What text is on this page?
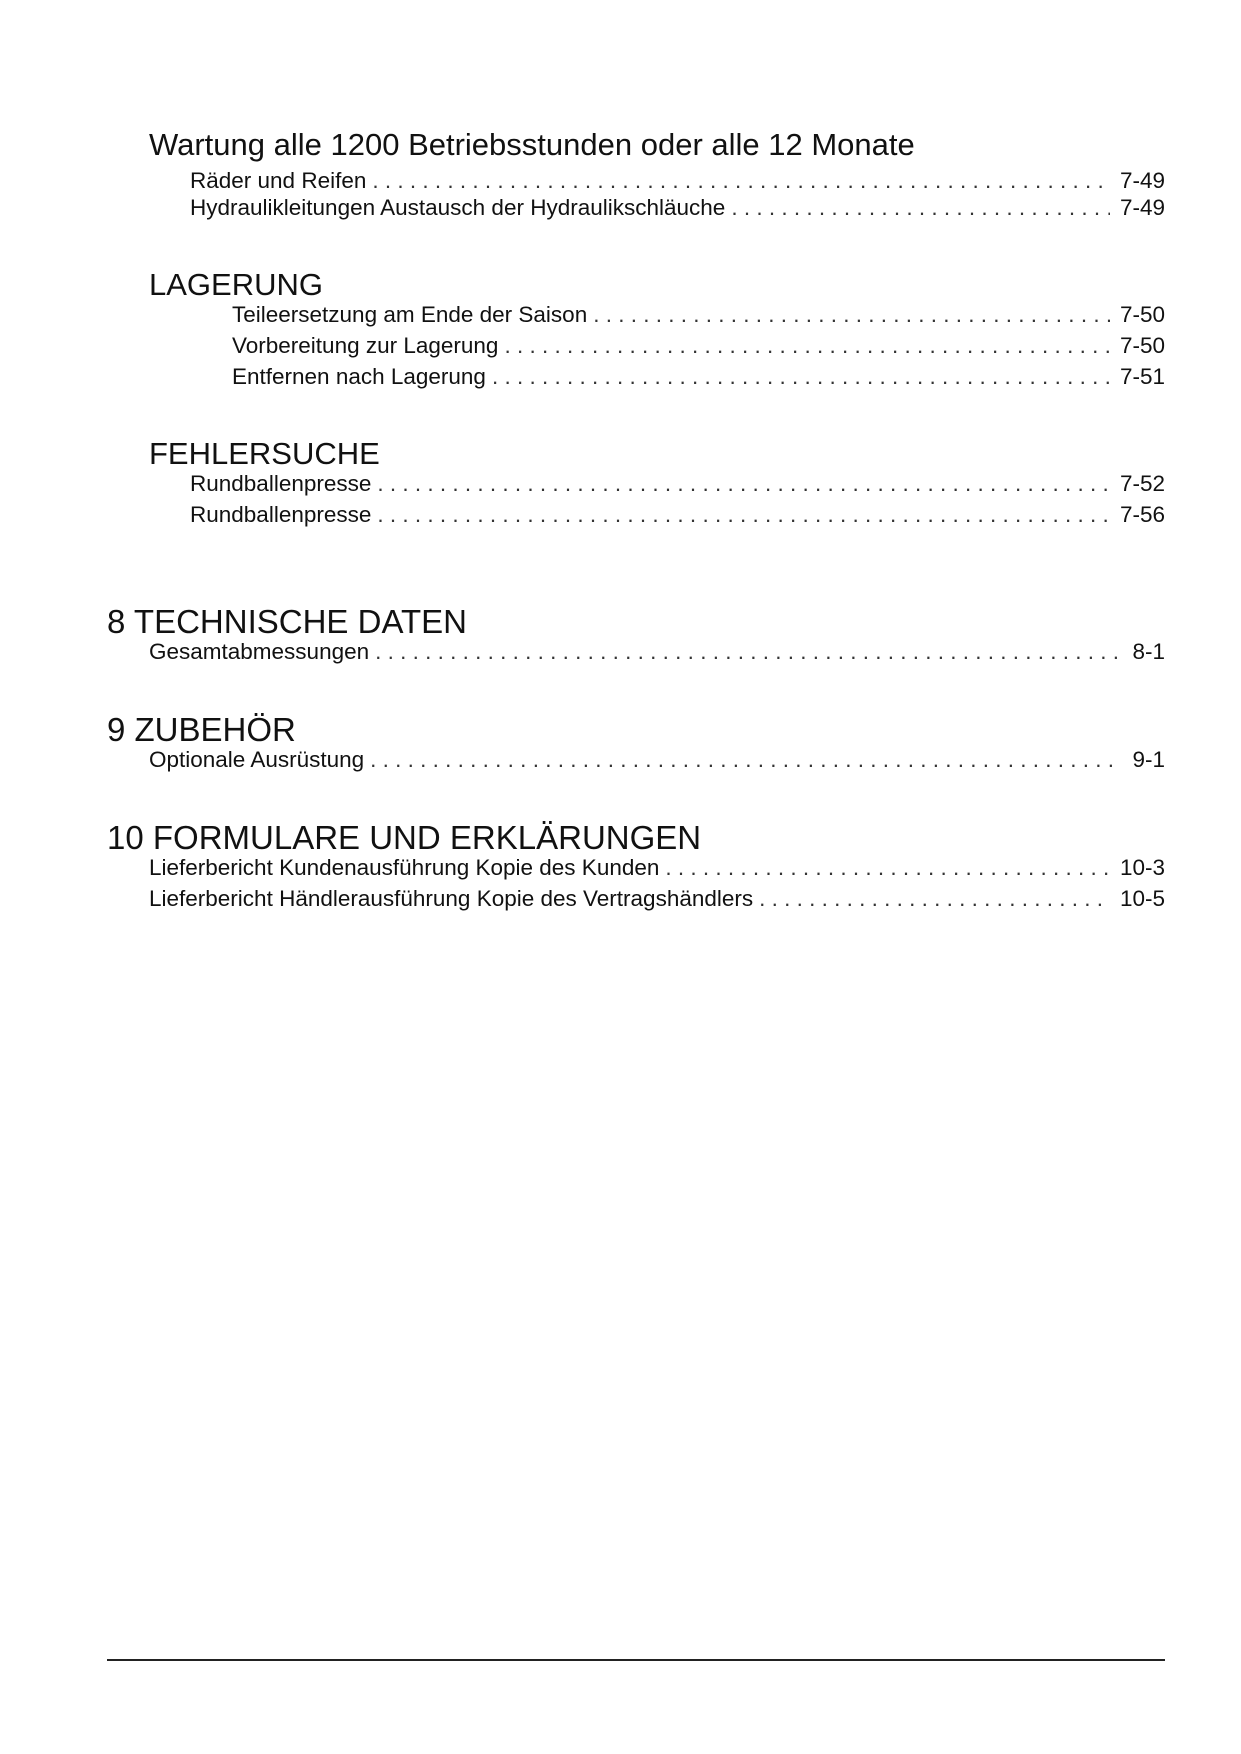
Wartung alle 1200 Betriebsstunden oder alle 12 Monate
Räder und Reifen . . .	7-49
Hydraulikleitungen Austausch der Hydraulikschläuche . . .	7-49
LAGERUNG
Teileersetzung am Ende der Saison . . .	7-50
Vorbereitung zur Lagerung . . .	7-50
Entfernen nach Lagerung . . .	7-51
FEHLERSUCHE
Rundballenpresse . . .	7-52
Rundballenpresse . . .	7-56
8 TECHNISCHE DATEN
Gesamtabmessungen . . .	8-1
9 ZUBEHÖR
Optionale Ausrüstung . . .	9-1
10 FORMULARE UND ERKLÄRUNGEN
Lieferbericht Kundenausführung Kopie des Kunden . . .	10-3
Lieferbericht Händlerausführung Kopie des Vertragshändlers . . .	10-5
